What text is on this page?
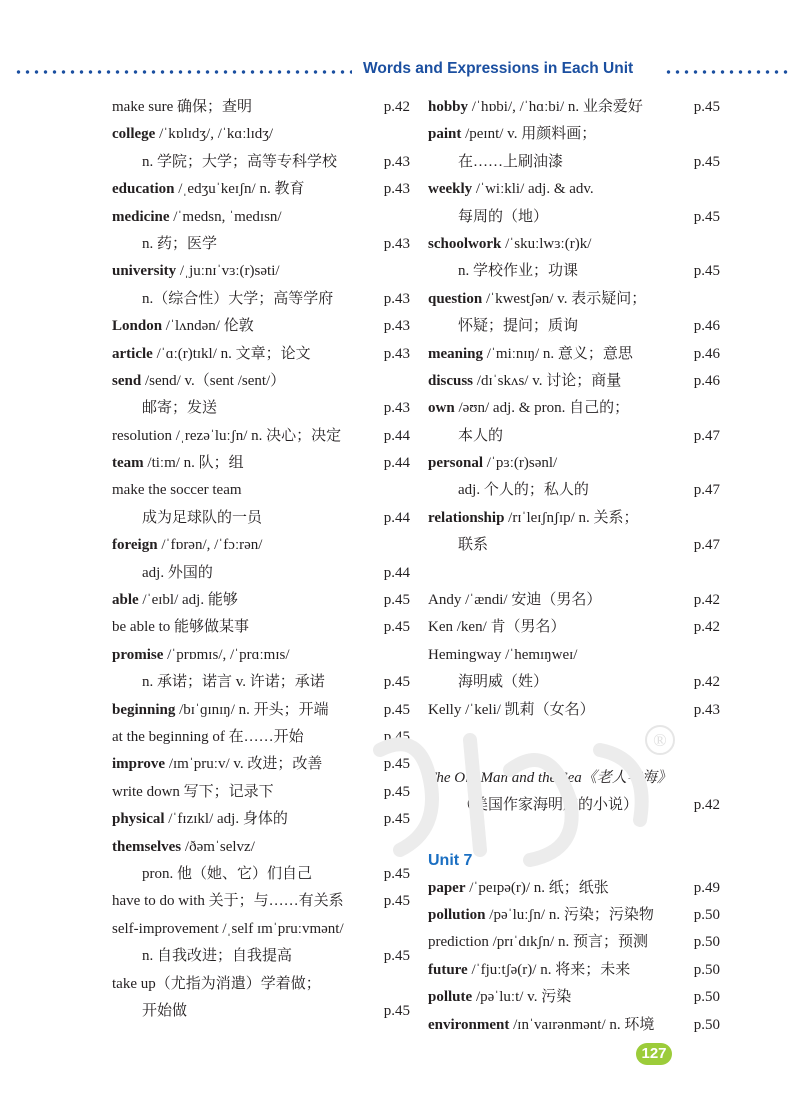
Words and Expressions in Each Unit
make sure 确保；查明	p.42
college /ˈkɒlɪdʒ/, /ˈkɑːlɪdʒ/
n. 学院；大学；高等专科学校	p.43
education /ˌedʒuˈkeɪʃn/ n. 教育	p.43
medicine /ˈmedsn, ˈmedɪsn/
n. 药；医学	p.43
university /ˌjuːnɪˈvɜː(r)səti/
n.（综合性）大学；高等学府	p.43
London /ˈlʌndən/ 伦敦	p.43
article /ˈɑː(r)tɪkl/ n. 文章；论文	p.43
send /send/ v.（sent /sent/）
邮寄；发送	p.43
resolution /ˌrezəˈluːʃn/ n. 决心；决定	p.44
team /tiːm/ n. 队；组	p.44
make the soccer team
成为足球队的一员	p.44
foreign /ˈfɒrən/, /ˈfɔːrən/
adj. 外国的	p.44
able /ˈeɪbl/ adj. 能够	p.45
be able to 能够做某事	p.45
promise /ˈprɒmɪs/, /ˈprɑːmɪs/
n. 承诺；诺言 v. 许诺；承诺	p.45
beginning /bɪˈɡɪnɪŋ/ n. 开头；开端	p.45
at the beginning of 在……开始	p.45
improve /ɪmˈpruːv/ v. 改进；改善	p.45
write down 写下；记录下	p.45
physical /ˈfɪzɪkl/ adj. 身体的	p.45
themselves /ðəmˈselvz/
pron. 他（她、它）们自己	p.45
have to do with 关于；与……有关系	p.45
self-improvement /ˌself ɪmˈpruːvmənt/
n. 自我改进；自我提高	p.45
take up（尤指为消遣）学着做；
开始做	p.45
hobby /ˈhɒbi/, /ˈhɑːbi/ n. 业余爱好	p.45
paint /peɪnt/ v. 用颜料画；
在……上刷油漆	p.45
weekly /ˈwiːkli/ adj. & adv.
每周的（地）	p.45
schoolwork /ˈskuːlwɜː(r)k/
n. 学校作业；功课	p.45
question /ˈkwestʃən/ v. 表示疑问；
怀疑；提问；质询	p.46
meaning /ˈmiːnɪŋ/ n. 意义；意思	p.46
discuss /dɪˈskʌs/ v. 讨论；商量	p.46
own /əʊn/ adj. & pron. 自己的；
本人的	p.47
personal /ˈpɜː(r)sənl/
adj. 个人的；私人的	p.47
relationship /rɪˈleɪʃnʃɪp/ n. 关系；
联系	p.47
Andy /ˈændi/ 安迪（男名）	p.42
Ken /ken/ 肯（男名）	p.42
Hemingway /ˈhemɪŋweɪ/
海明威（姓）	p.42
Kelly /ˈkeli/ 凯莉（女名）	p.43
The Old Man and the Sea《老人与海》
（美国作家海明威的小说）	p.42
Unit 7
paper /ˈpeɪpə(r)/ n. 纸；纸张	p.49
pollution /pəˈluːʃn/ n. 污染；污染物	p.50
prediction /prɪˈdɪkʃn/ n. 预言；预测	p.50
future /ˈfjuːtʃə(r)/ n. 将来；未来	p.50
pollute /pəˈluːt/ v. 污染	p.50
environment /ɪnˈvaɪrənmənt/ n. 环境	p.50
®
127
